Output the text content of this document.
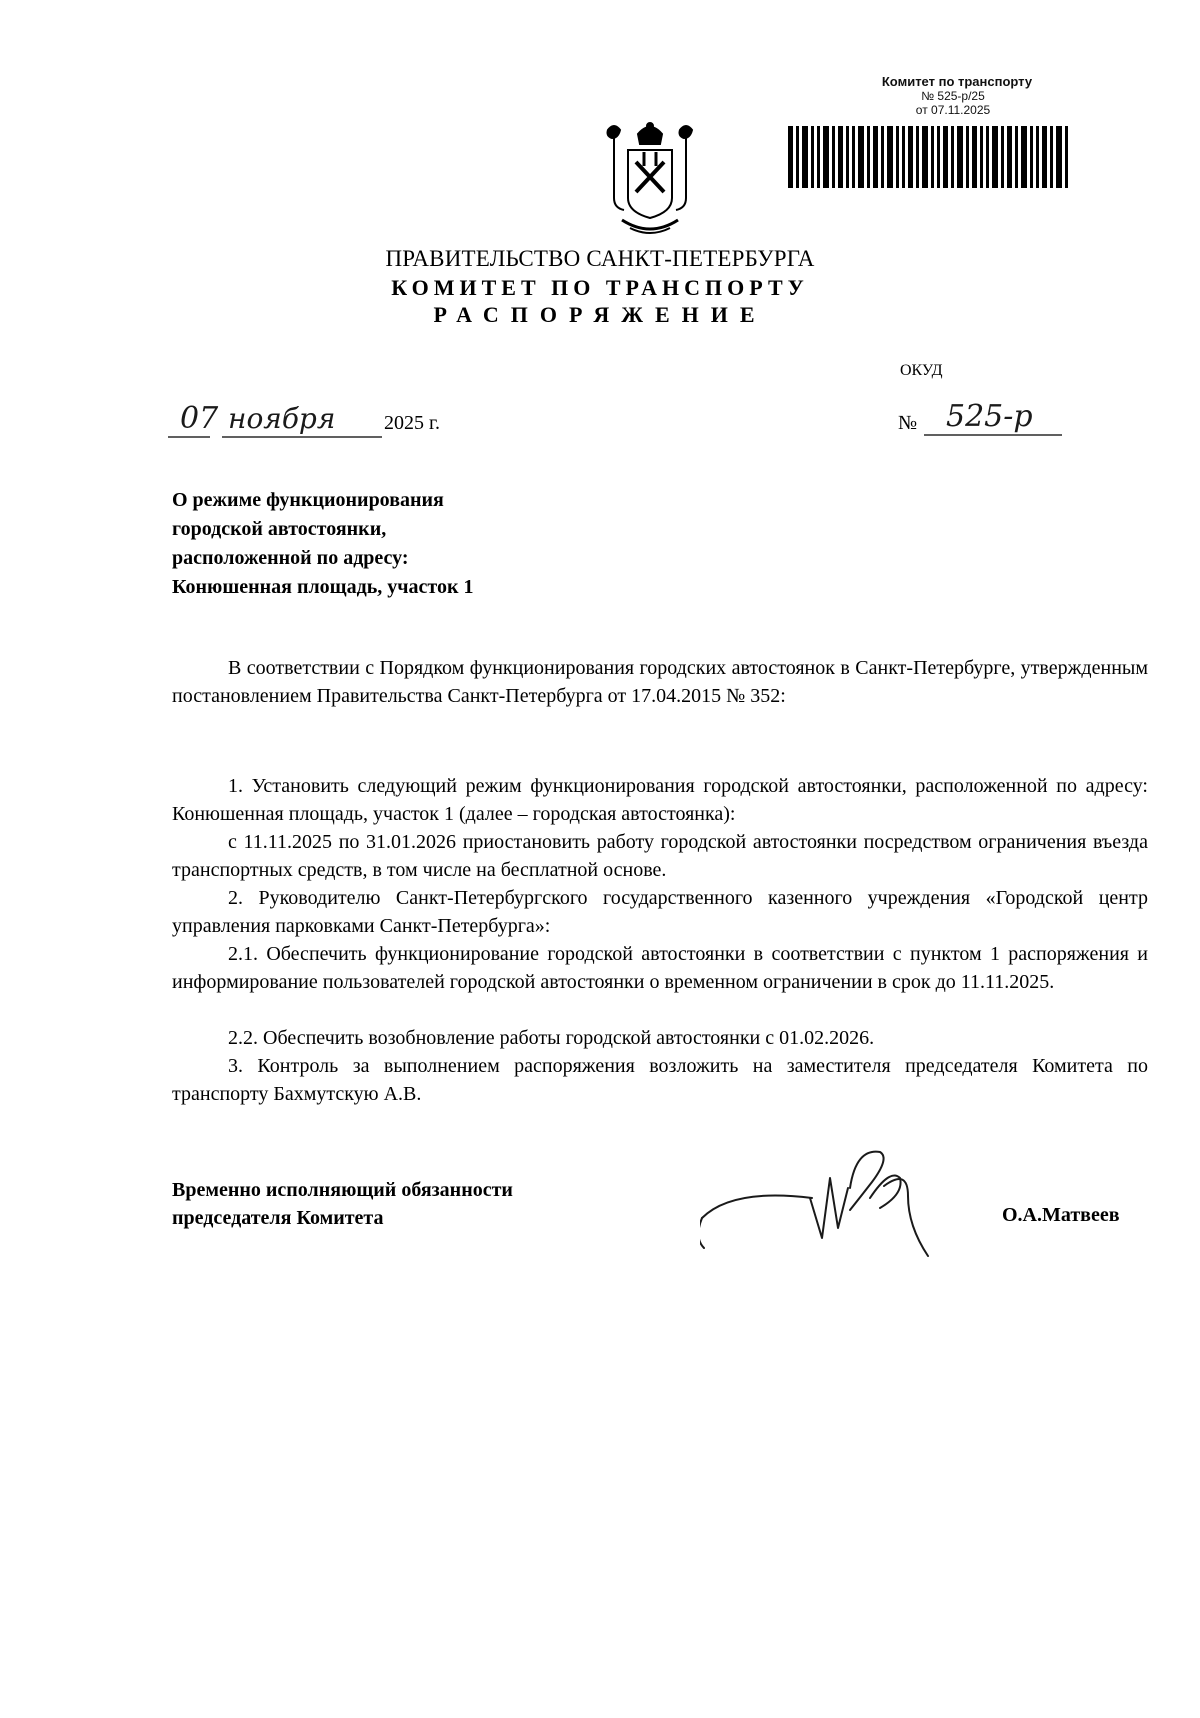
Комитет по транспорту
№ 525-р/25
от 07.11.2025
ПРАВИТЕЛЬСТВО САНКТ-ПЕТЕРБУРГА
КОМИТЕТ ПО ТРАНСПОРТУ
РАСПОРЯЖЕНИЕ
ОКУД
07 ноября 2025 г.	№ 525-р
О режиме функционирования
городской автостоянки,
расположенной по адресу:
Конюшенная площадь, участок 1
В соответствии с Порядком функционирования городских автостоянок в Санкт-Петербурге, утвержденным постановлением Правительства Санкт-Петербурга от 17.04.2015 № 352:
1. Установить следующий режим функционирования городской автостоянки, расположенной по адресу: Конюшенная площадь, участок 1 (далее – городская автостоянка):
с 11.11.2025 по 31.01.2026 приостановить работу городской автостоянки посредством ограничения въезда транспортных средств, в том числе на бесплатной основе.
2. Руководителю Санкт-Петербургского государственного казенного учреждения «Городской центр управления парковками Санкт-Петербурга»:
2.1. Обеспечить функционирование городской автостоянки в соответствии с пунктом 1 распоряжения и информирование пользователей городской автостоянки о временном ограничении в срок до 11.11.2025.
2.2. Обеспечить возобновление работы городской автостоянки с 01.02.2026.
3. Контроль за выполнением распоряжения возложить на заместителя председателя Комитета по транспорту Бахмутскую А.В.
Временно исполняющий обязанности
председателя Комитета	О.А.Матвеев
